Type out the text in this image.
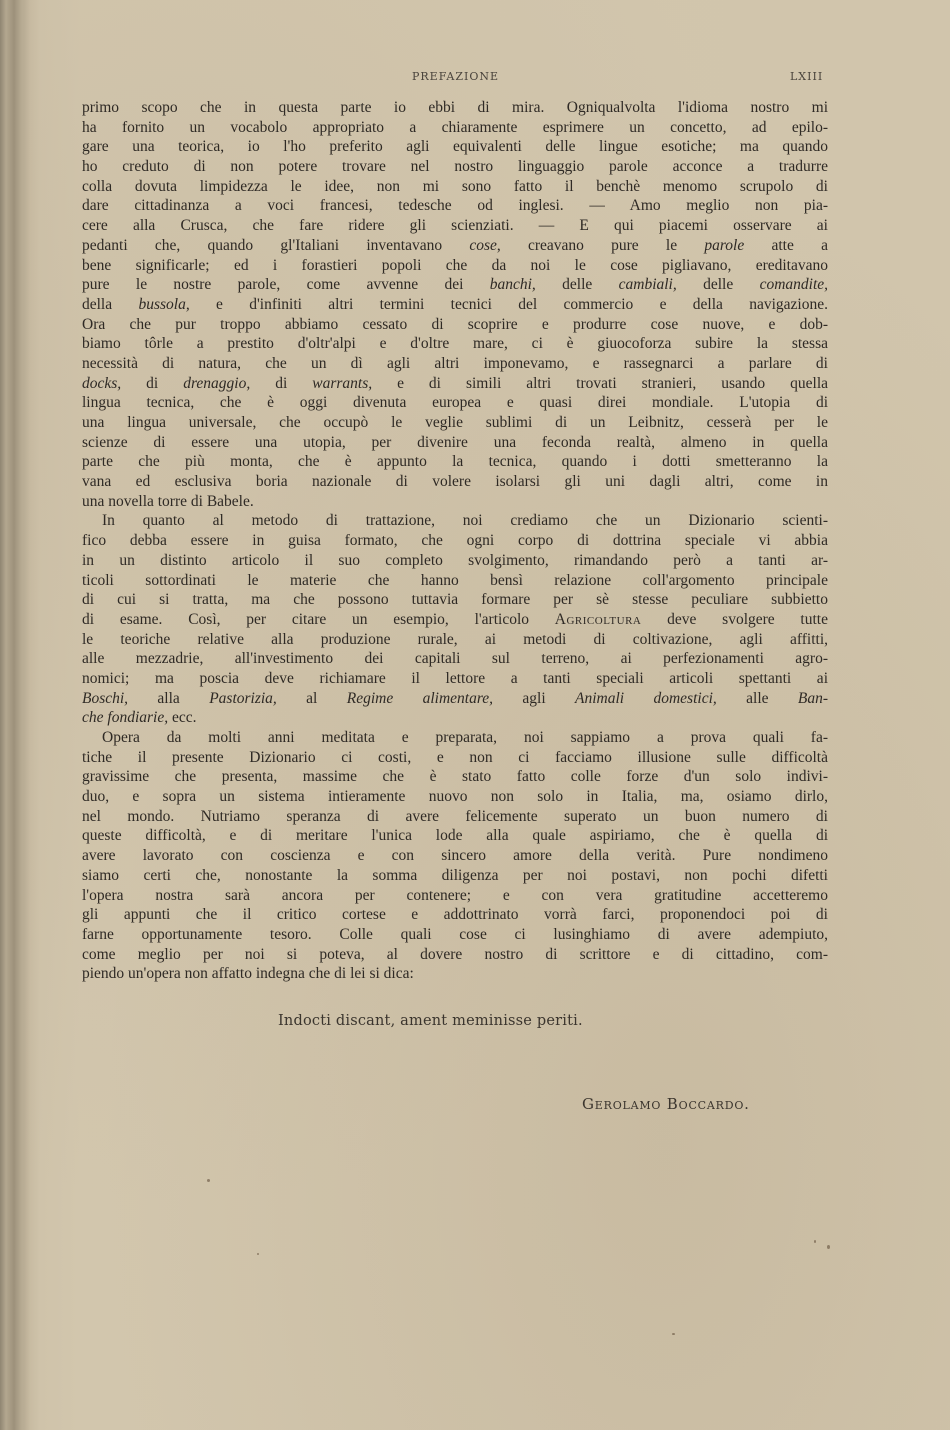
PREFAZIONE	LXIII
primo scopo che in questa parte io ebbi di mira. Ogniqualvolta l'idioma nostro mi
ha fornito un vocabolo appropriato a chiaramente esprimere un concetto, ad epilo-
gare una teorica, io l'ho preferito agli equivalenti delle lingue esotiche; ma quando
ho creduto di non potere trovare nel nostro linguaggio parole acconce a tradurre
colla dovuta limpidezza le idee, non mi sono fatto il benchè menomo scrupolo di
dare cittadinanza a voci francesi, tedesche od inglesi. — Amo meglio non pia-
cere alla Crusca, che fare ridere gli scienziati. — E qui piacemi osservare ai
pedanti che, quando gl'Italiani inventavano cose, creavano pure le parole atte a
bene significarle; ed i forastieri popoli che da noi le cose pigliavano, ereditavano
pure le nostre parole, come avvenne dei banchi, delle cambiali, delle comandite,
della bussola, e d'infiniti altri termini tecnici del commercio e della navigazione.
Ora che pur troppo abbiamo cessato di scoprire e produrre cose nuove, e dob-
biamo tôrle a prestito d'oltr'alpi e d'oltre mare, ci è giuocoforza subire la stessa
necessità di natura, che un dì agli altri imponevamo, e rassegnarci a parlare di
docks, di drenaggio, di warrants, e di simili altri trovati stranieri, usando quella
lingua tecnica, che è oggi divenuta europea e quasi direi mondiale. L'utopia di
una lingua universale, che occupò le veglie sublimi di un Leibnitz, cesserà per le
scienze di essere una utopia, per divenire una feconda realtà, almeno in quella
parte che più monta, che è appunto la tecnica, quando i dotti smetteranno la
vana ed esclusiva boria nazionale di volere isolarsi gli uni dagli altri, come in
una novella torre di Babele.
In quanto al metodo di trattazione, noi crediamo che un Dizionario scienti-
fico debba essere in guisa formato, che ogni corpo di dottrina speciale vi abbia
in un distinto articolo il suo completo svolgimento, rimandando però a tanti ar-
ticoli sottordinati le materie che hanno bensì relazione coll'argomento principale
di cui si tratta, ma che possono tuttavia formare per sè stesse peculiare subbietto
di esame. Così, per citare un esempio, l'articolo Agricoltura deve svolgere tutte
le teoriche relative alla produzione rurale, ai metodi di coltivazione, agli affitti,
alle mezzadrie, all'investimento dei capitali sul terreno, ai perfezionamenti agro-
nomici; ma poscia deve richiamare il lettore a tanti speciali articoli spettanti ai
Boschi, alla Pastorizia, al Regime alimentare, agli Animali domestici, alle Ban-
che fondiarie, ecc.
Opera da molti anni meditata e preparata, noi sappiamo a prova quali fa-
tiche il presente Dizionario ci costi, e non ci facciamo illusione sulle difficoltà
gravissime che presenta, massime che è stato fatto colle forze d'un solo indivi-
duo, e sopra un sistema intieramente nuovo non solo in Italia, ma, osiamo dirlo,
nel mondo. Nutriamo speranza di avere felicemente superato un buon numero di
queste difficoltà, e di meritare l'unica lode alla quale aspiriamo, che è quella di
avere lavorato con coscienza e con sincero amore della verità. Pure nondimeno
siamo certi che, nonostante la somma diligenza per noi postavi, non pochi difetti
l'opera nostra sarà ancora per contenere; e con vera gratitudine accetteremo
gli appunti che il critico cortese e addottrinato vorrà farci, proponendoci poi di
farne opportunamente tesoro. Colle quali cose ci lusinghiamo di avere adempiuto,
come meglio per noi si poteva, al dovere nostro di scrittore e di cittadino, com-
piendo un'opera non affatto indegna che di lei si dica:
Indocti discant, ament meminisse periti.
Gerolamo Boccardo.
